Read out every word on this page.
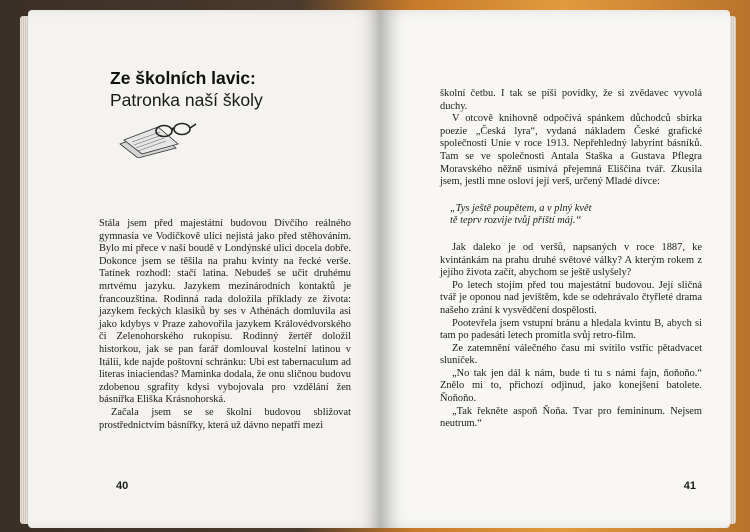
Ze školních lavic:
Patronka naší školy

Stála jsem před majestátní budovou Dívčího reálného gymnasia ve Vodičkově ulici nejistá jako před stěhováním. Bylo mi přece v naší boudě v Londýnské ulici docela dobře. Dokonce jsem se těšila na prahu kvinty na řecké verše. Tatínek rozhodl: stačí latina. Nebudeš se učit druhému mrtvému jazyku. Jazykem mezinárodních kontaktů je francouzština. Rodinná rada doložila příklady ze života: jazykem řeckých klasiků by ses v Athénách domluvila asi jako kdybys v Praze zahovořila jazykem Královédvorského či Zelenohorského rukopisu. Rodinný žertéř doložil historkou, jak se pan farář domlouval kostelní latinou v Itálii, kde najde poštovní schránku: Ubi est tabernaculum ad literas iniaciendas? Maminka dodala, že onu sličnou budovu zdobenou sgrafity kdysi vybojovala pro vzdělání žen básnířka Eliška Krásnohorská.

Začala jsem se se školní budovou sbližovat prostřednictvím básnířky, která už dávno nepatří mezi

40

školní četbu. I tak se píši povídky, že si zvědavec vyvolá duchy.

V otcově knihovně odpočívá spánkem důchodců sbírka poezie „Česká lyra“, vydaná nákladem České grafické společnosti Unie v roce 1913. Nepřehledný labyrint básníků. Tam se ve společnosti Antala Staška a Gustava Pflegra Moravského něžně usmívá přejemná Eliščina tvář. Zkusila jsem, jestli mne osloví její verš, určený Mladé dívce:

„Tys ještě poupětem, a v plný květ
tě teprv rozvije tvůj příští máj.“

Jak daleko je od veršů, napsaných v roce 1887, ke kvintánkám na prahu druhé světové války? A kterým rokem z jejího života začít, abychom se ještě uslyšely?

Po letech stojím před tou majestátní budovou. Její sličná tvář je oponou nad jevištěm, kde se odehrávalo čtyřleté drama našeho zrání k vysvědčení dospělosti.

Pootevřela jsem vstupní bránu a hledala kvintu B, abych si tam po padesáti letech promítla svůj retro-film.

Ze zatemnění válečného času mi svítilo vstříc pětadvacet sluníček.

„No tak jen dál k nám, bude ti tu s námi fajn, ňoňoňo.“ Znělo mi to, přichozí odjinud, jako konejšení batolete. Ňoňoňo.

„Tak řekněte aspoň Ňoňa. Tvar pro femininum. Nejsem neutrum.“

41
